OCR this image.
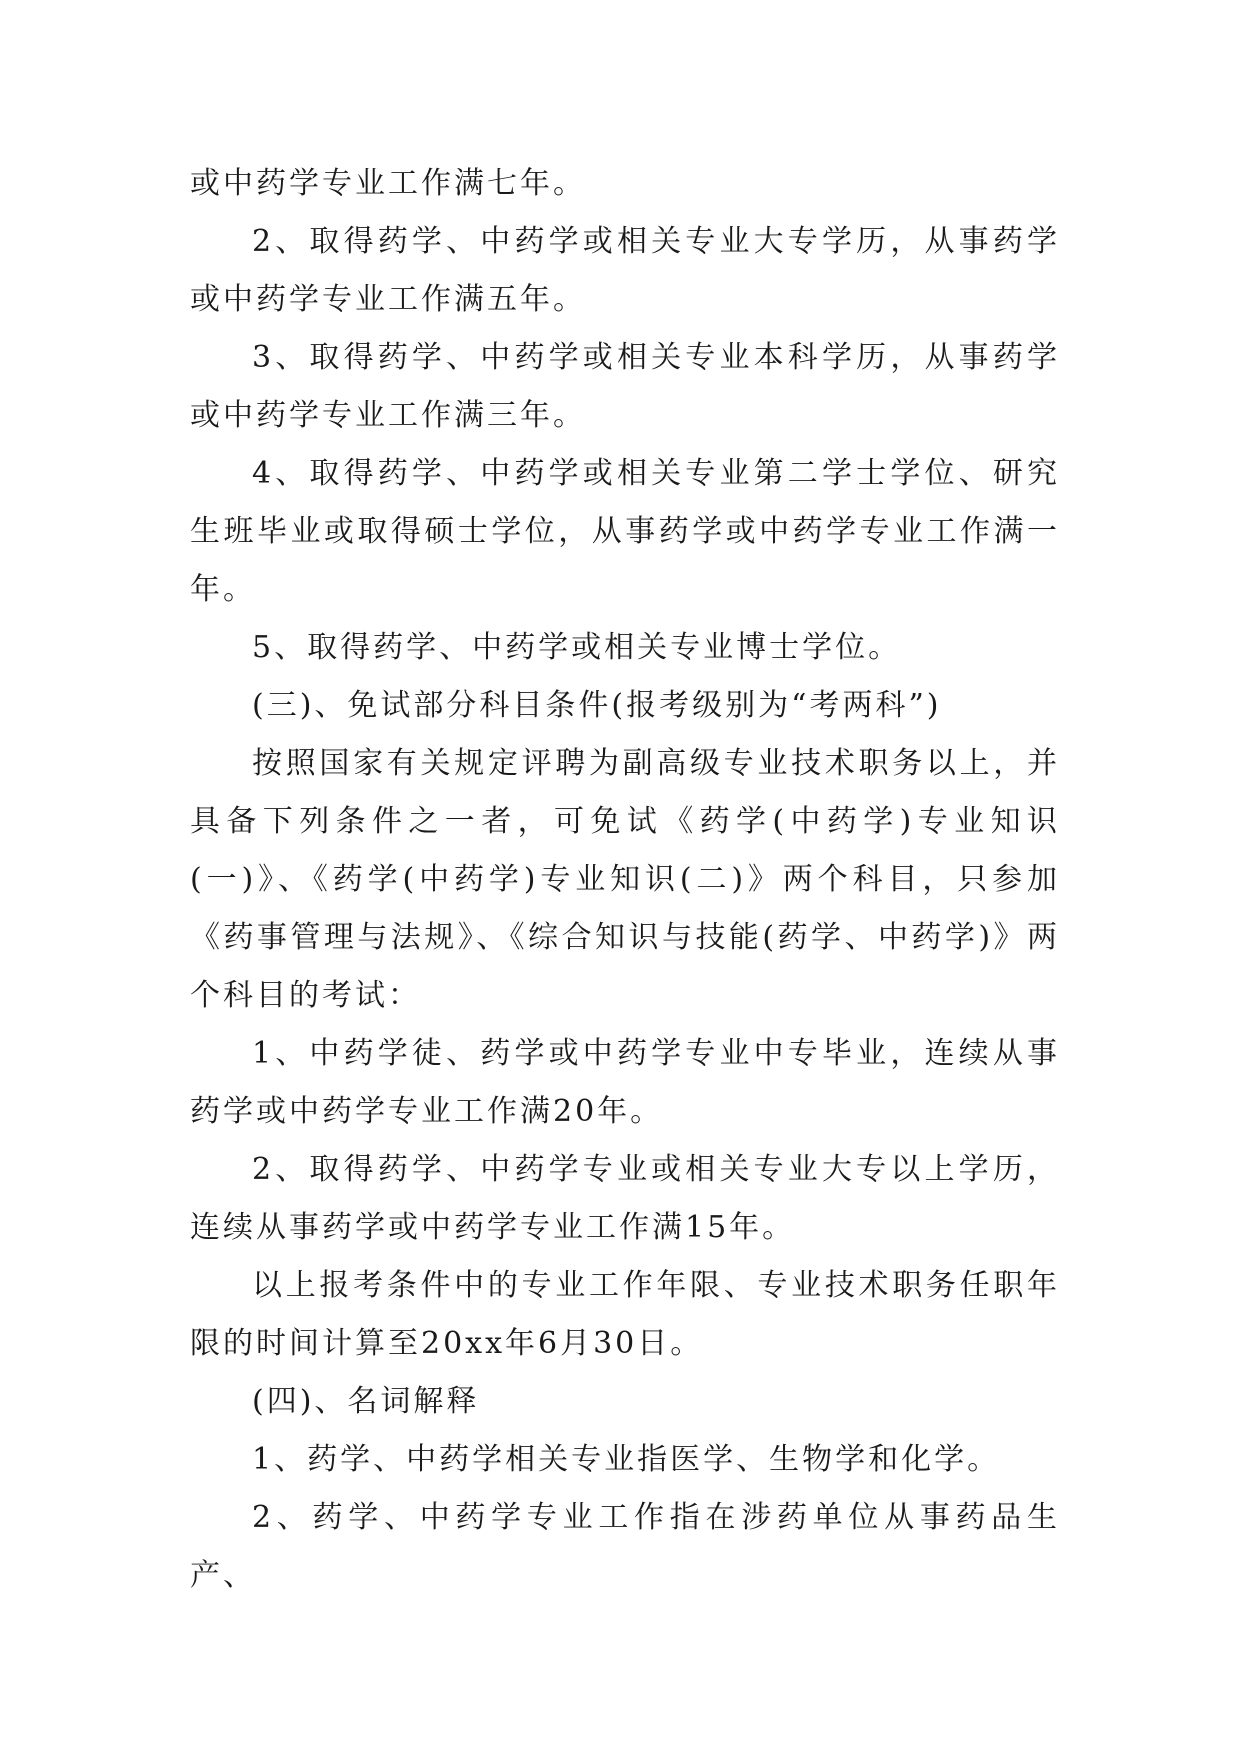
或中药学专业工作满七年。

2、取得药学、中药学或相关专业大专学历，从事药学或中药学专业工作满五年。

3、取得药学、中药学或相关专业本科学历，从事药学或中药学专业工作满三年。

4、取得药学、中药学或相关专业第二学士学位、研究生班毕业或取得硕士学位，从事药学或中药学专业工作满一年。

5、取得药学、中药学或相关专业博士学位。

(三)、免试部分科目条件(报考级别为“考两科”)

按照国家有关规定评聘为副高级专业技术职务以上，并具备下列条件之一者，可免试《药学(中药学)专业知识(一)》、《药学(中药学)专业知识(二)》两个科目，只参加《药事管理与法规》、《综合知识与技能(药学、中药学)》两个科目的考试：

1、中药学徒、药学或中药学专业中专毕业，连续从事药学或中药学专业工作满20年。

2、取得药学、中药学专业或相关专业大专以上学历，连续从事药学或中药学专业工作满15年。

以上报考条件中的专业工作年限、专业技术职务任职年限的时间计算至20xx年6月30日。

(四)、名词解释

1、药学、中药学相关专业指医学、生物学和化学。

2、药学、中药学专业工作指在涉药单位从事药品生产、
